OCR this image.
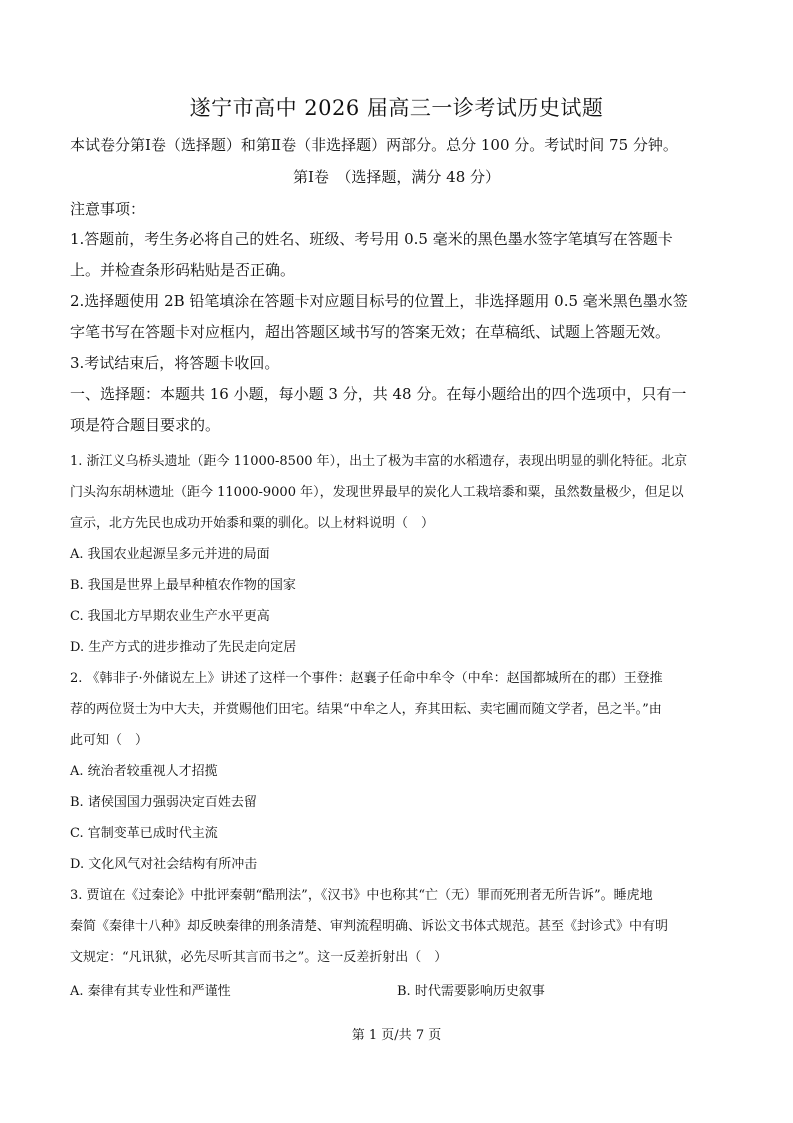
遂宁市高中 2026 届高三一诊考试历史试题
本试卷分第Ⅰ卷（选择题）和第Ⅱ卷（非选择题）两部分。总分 100 分。考试时间 75 分钟。
第Ⅰ卷　（选择题，满分 48 分）
注意事项：
1.答题前，考生务必将自己的姓名、班级、考号用 0.5 毫米的黑色墨水签字笔填写在答题卡
上。并检查条形码粘贴是否正确。
2.选择题使用 2B 铅笔填涂在答题卡对应题目标号的位置上，非选择题用 0.5 毫米黑色墨水签
字笔书写在答题卡对应框内，超出答题区域书写的答案无效；在草稿纸、试题上答题无效。
3.考试结束后，将答题卡收回。
一、选择题：本题共 16 小题，每小题 3 分，共 48 分。在每小题给出的四个选项中，只有一
项是符合题目要求的。
1. 浙江义乌桥头遗址（距今 11000-8500 年），出土了极为丰富的水稻遗存，表现出明显的驯化特征。北京
门头沟东胡林遗址（距今 11000-9000 年），发现世界最早的炭化人工栽培黍和粟，虽然数量极少，但足以
宣示，北方先民也成功开始黍和粟的驯化。以上材料说明（　）
A. 我国农业起源呈多元并进的局面
B. 我国是世界上最早种植农作物的国家
C. 我国北方早期农业生产水平更高
D. 生产方式的进步推动了先民走向定居
2. 《韩非子·外储说左上》讲述了这样一个事件：赵襄子任命中牟令（中牟：赵国都城所在的郡）王登推
荐的两位贤士为中大夫，并赏赐他们田宅。结果“中牟之人，弃其田耘、卖宅圃而随文学者，邑之半。”由
此可知（　）
A. 统治者较重视人才招揽
B. 诸侯国国力强弱决定百姓去留
C. 官制变革已成时代主流
D. 文化风气对社会结构有所冲击
3. 贾谊在《过秦论》中批评秦朝“酷刑法”，《汉书》中也称其“亡（无）罪而死刑者无所告诉”。睡虎地
秦简《秦律十八种》却反映秦律的刑条清楚、审判流程明确、诉讼文书体式规范。甚至《封诊式》中有明
文规定：“凡讯狱，必先尽听其言而书之”。这一反差折射出（　）
A. 秦律有其专业性和严谨性	B. 时代需要影响历史叙事
第 1 页/共 7 页
